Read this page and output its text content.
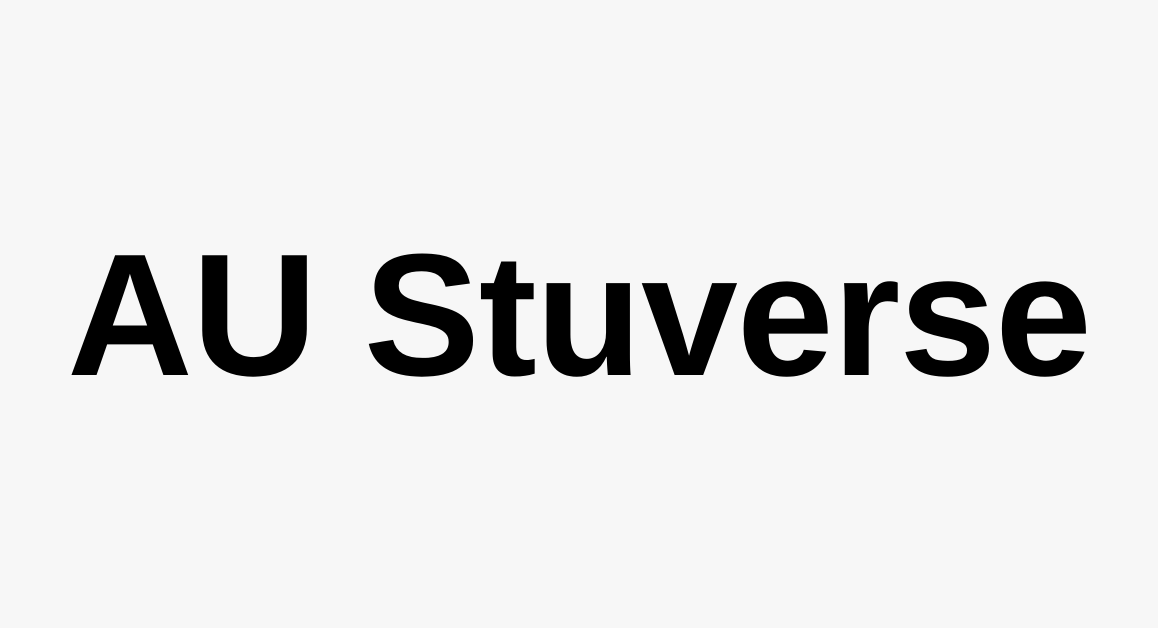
AU Stuverse
